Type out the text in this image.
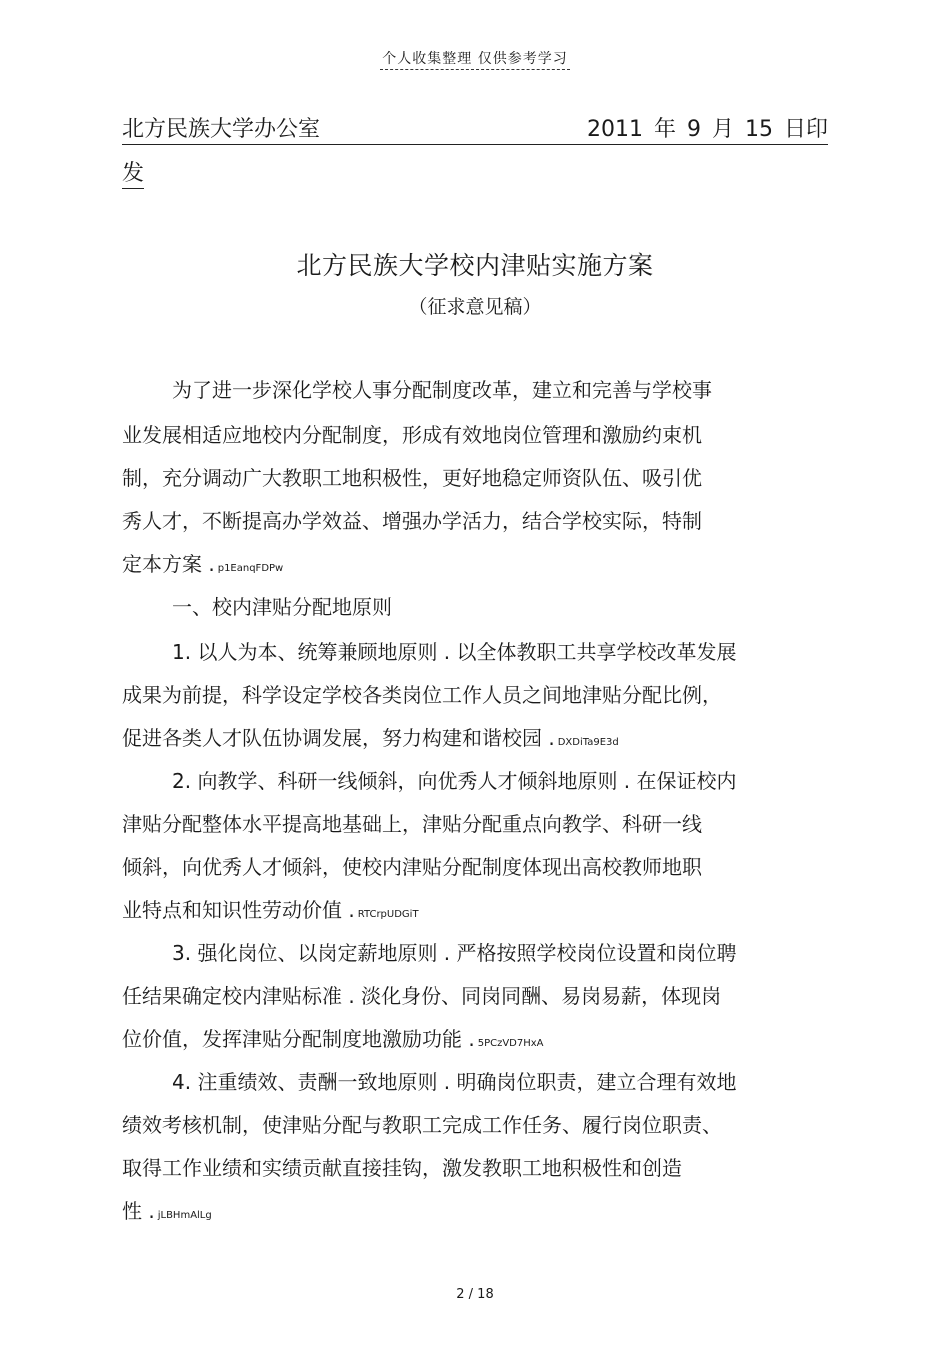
个人收集整理 仅供参考学习
北方民族大学办公室	2011 年 9 月 15 日印
发
北方民族大学校内津贴实施方案
（征求意见稿）
为了进一步深化学校人事分配制度改革，建立和完善与学校事
业发展相适应地校内分配制度，形成有效地岗位管理和激励约束机
制，充分调动广大教职工地积极性，更好地稳定师资队伍、吸引优
秀人才，不断提高办学效益、增强办学活力，结合学校实际，特制
定本方案 . p1EanqFDPw
一、校内津贴分配地原则
1. 以人为本、统筹兼顾地原则 . 以全体教职工共享学校改革发展
成果为前提，科学设定学校各类岗位工作人员之间地津贴分配比例，
促进各类人才队伍协调发展，努力构建和谐校园 . DXDiTa9E3d
2. 向教学、科研一线倾斜，向优秀人才倾斜地原则 . 在保证校内
津贴分配整体水平提高地基础上，津贴分配重点向教学、科研一线
倾斜，向优秀人才倾斜，使校内津贴分配制度体现出高校教师地职
业特点和知识性劳动价值 . RTCrpUDGiT
3. 强化岗位、以岗定薪地原则 . 严格按照学校岗位设置和岗位聘
任结果确定校内津贴标准 . 淡化身份、同岗同酬、易岗易薪，体现岗
位价值，发挥津贴分配制度地激励功能 . 5PCzVD7HxA
4. 注重绩效、责酬一致地原则 . 明确岗位职责，建立合理有效地
绩效考核机制，使津贴分配与教职工完成工作任务、履行岗位职责、
取得工作业绩和实绩贡献直接挂钩，激发教职工地积极性和创造
性 . jLBHmAlLg
2 / 18
